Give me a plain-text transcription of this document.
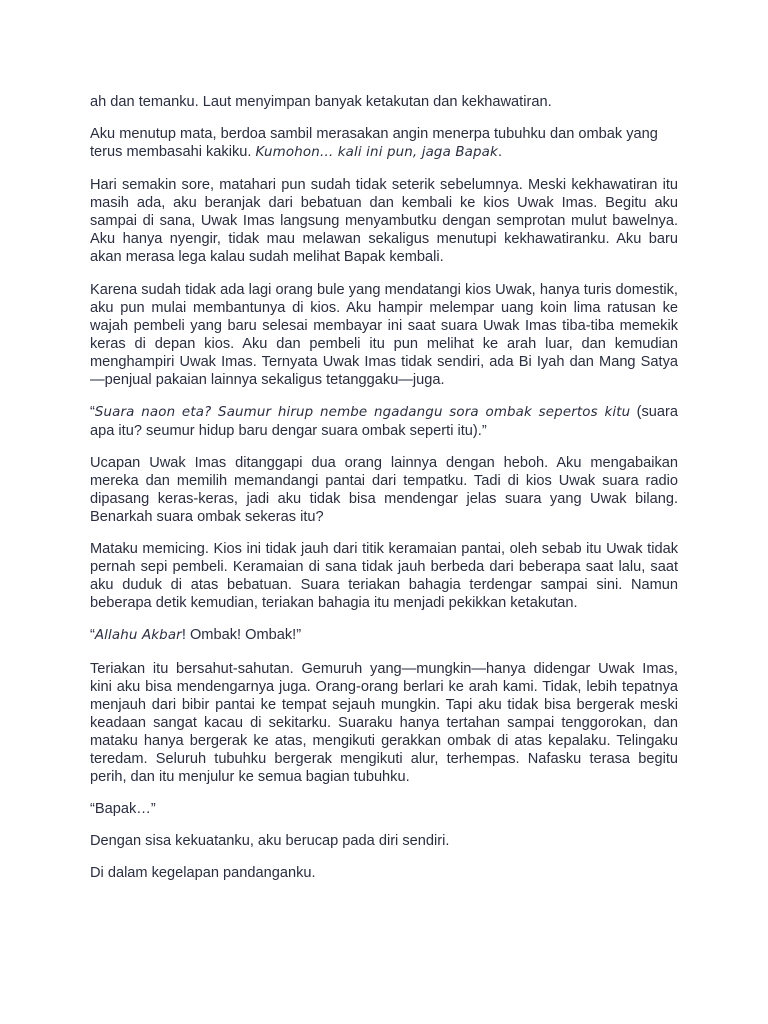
ah dan temanku. Laut menyimpan banyak ketakutan dan kekhawatiran.

Aku menutup mata, berdoa sambil merasakan angin menerpa tubuhku dan ombak yang terus membasahi kakiku. Kumohon… kali ini pun, jaga Bapak.

Hari semakin sore, matahari pun sudah tidak seterik sebelumnya. Meski kekhawatiran itu masih ada, aku beranjak dari bebatuan dan kembali ke kios Uwak Imas. Begitu aku sampai di sana, Uwak Imas langsung menyambutku dengan semprotan mulut bawelnya. Aku hanya nyengir, tidak mau melawan sekaligus menutupi kekhawatiranku. Aku baru akan merasa lega kalau sudah melihat Bapak kembali.

Karena sudah tidak ada lagi orang bule yang mendatangi kios Uwak, hanya turis domestik, aku pun mulai membantunya di kios. Aku hampir melempar uang koin lima ratusan ke wajah pembeli yang baru selesai membayar ini saat suara Uwak Imas tiba-tiba memekik keras di depan kios. Aku dan pembeli itu pun melihat ke arah luar, dan kemudian menghampiri Uwak Imas. Ternyata Uwak Imas tidak sendiri, ada Bi Iyah dan Mang Satya—penjual pakaian lainnya sekaligus tetanggaku—juga.

“Suara naon eta? Saumur hirup nembe ngadangu sora ombak sepertos kitu (suara apa itu? seumur hidup baru dengar suara ombak seperti itu).”

Ucapan Uwak Imas ditanggapi dua orang lainnya dengan heboh. Aku mengabaikan mereka dan memilih memandangi pantai dari tempatku. Tadi di kios Uwak suara radio dipasang keras-keras, jadi aku tidak bisa mendengar jelas suara yang Uwak bilang. Benarkah suara ombak sekeras itu?

Mataku memicing. Kios ini tidak jauh dari titik keramaian pantai, oleh sebab itu Uwak tidak pernah sepi pembeli. Keramaian di sana tidak jauh berbeda dari beberapa saat lalu, saat aku duduk di atas bebatuan. Suara teriakan bahagia terdengar sampai sini. Namun beberapa detik kemudian, teriakan bahagia itu menjadi pekikkan ketakutan.

“Allahu Akbar! Ombak! Ombak!”

Teriakan itu bersahut-sahutan. Gemuruh yang—mungkin—hanya didengar Uwak Imas, kini aku bisa mendengarnya juga. Orang-orang berlari ke arah kami. Tidak, lebih tepatnya menjauh dari bibir pantai ke tempat sejauh mungkin. Tapi aku tidak bisa bergerak meski keadaan sangat kacau di sekitarku. Suaraku hanya tertahan sampai tenggorokan, dan mataku hanya bergerak ke atas, mengikuti gerakkan ombak di atas kepalaku. Telingaku teredam. Seluruh tubuhku bergerak mengikuti alur, terhempas. Nafasku terasa begitu perih, dan itu menjulur ke semua bagian tubuhku.

“Bapak…”

Dengan sisa kekuatanku, aku berucap pada diri sendiri.

Di dalam kegelapan pandanganku.
